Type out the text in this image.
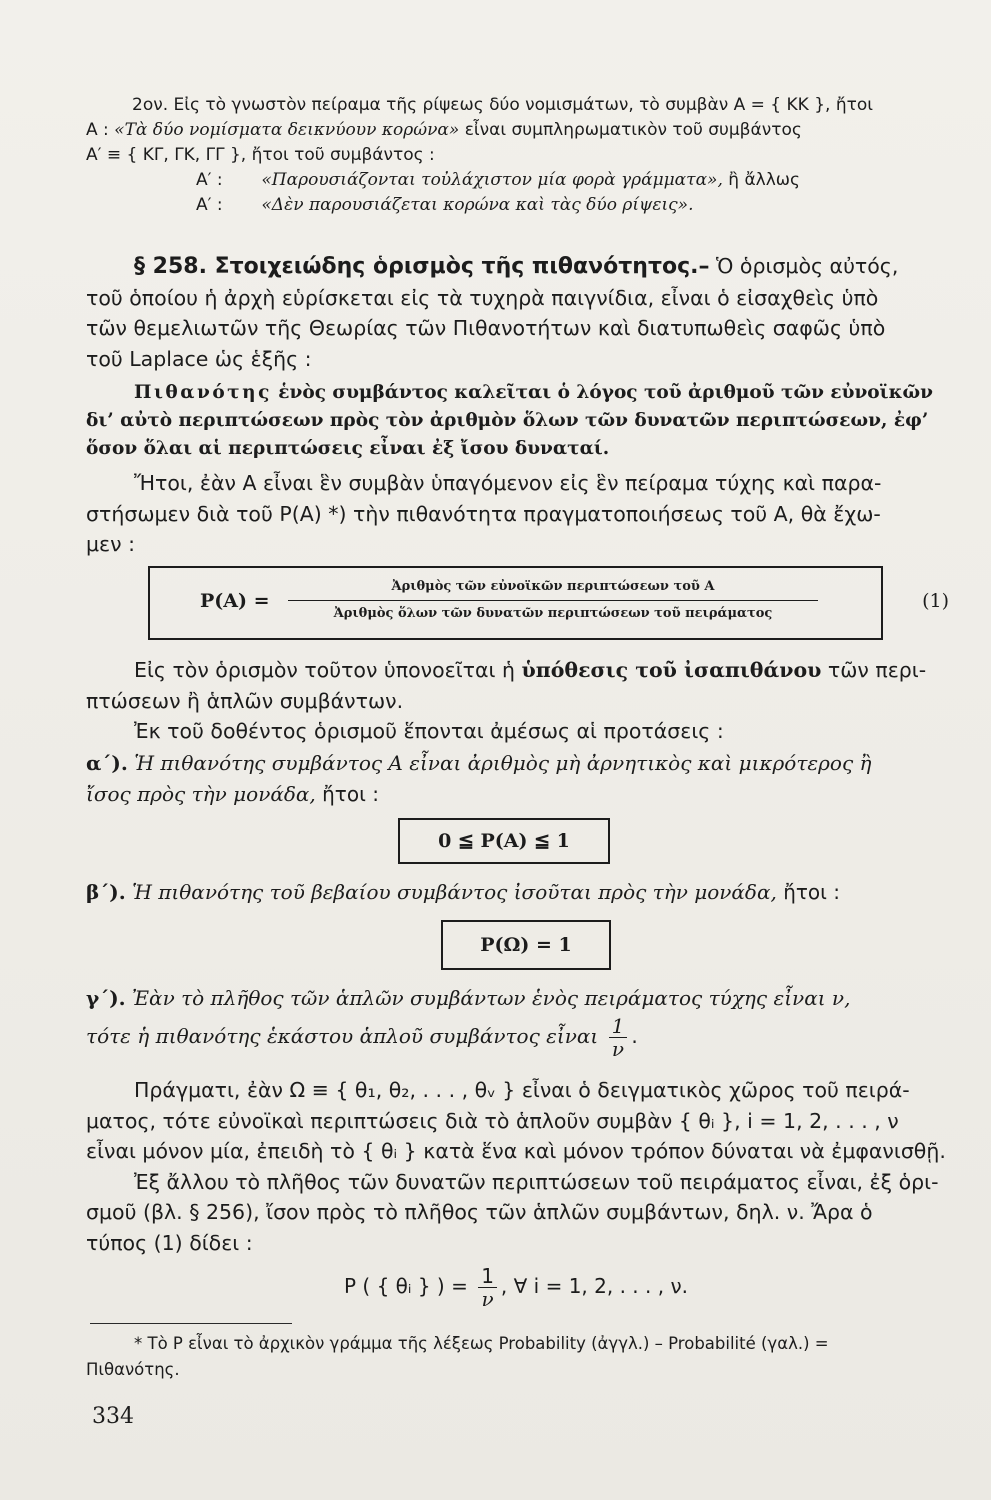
2ον. Εἰς τὸ γνωστὸν πείραμα τῆς ρίψεως δύο νομισμάτων, τὸ συμβὰν Α = { ΚΚ }, ἤτοι
Α : «Τὰ δύο νομίσματα δεικνύουν κορώνα» εἶναι συμπληρωματικὸν τοῦ συμβάντος
Α′ ≡ { ΚΓ, ΓΚ, ΓΓ }, ἤτοι τοῦ συμβάντος :
Α′ : «Παρουσιάζονται τοὐλάχιστον μία φορὰ γράμματα», ἢ ἄλλως
Α′ : «Δὲν παρουσιάζεται κορώνα καὶ τὰς δύο ρίψεις».
§ 258. Στοιχειώδης ὁρισμὸς τῆς πιθανότητος.– Ὁ ὁρισμὸς αὐτός,
τοῦ ὁποίου ἡ ἀρχὴ εὑρίσκεται εἰς τὰ τυχηρὰ παιγνίδια, εἶναι ὁ εἰσαχθεὶς ὑπὸ
τῶν θεμελιωτῶν τῆς Θεωρίας τῶν Πιθανοτήτων καὶ διατυπωθεὶς σαφῶς ὑπὸ
τοῦ Laplace ὡς ἑξῆς :
Πιθανότης ἑνὸς συμβάντος καλεῖται ὁ λόγος τοῦ ἀριθμοῦ τῶν εὐνοϊκῶν
δι’ αὐτὸ περιπτώσεων πρὸς τὸν ἀριθμὸν ὅλων τῶν δυνατῶν περιπτώσεων, ἐφ’
ὅσον ὅλαι αἱ περιπτώσεις εἶναι ἐξ ἴσου δυναταί.
Ἤτοι, ἐὰν Α εἶναι ἓν συμβὰν ὑπαγόμενον εἰς ἓν πείραμα τύχης καὶ παρα-
στήσωμεν διὰ τοῦ Ρ(Α) *) τὴν πιθανότητα πραγματοποιήσεως τοῦ Α, θὰ ἔχω-
μεν :
Ρ(Α) =
Ἀριθμὸς τῶν εὐνοϊκῶν περιπτώσεων τοῦ Α
Ἀριθμὸς ὅλων τῶν δυνατῶν περιπτώσεων τοῦ πειράματος
(1)
Εἰς τὸν ὁρισμὸν τοῦτον ὑπονοεῖται ἡ ὑπόθεσις τοῦ ἰσαπιθάνου τῶν περι-
πτώσεων ἢ ἁπλῶν συμβάντων.
Ἐκ τοῦ δοθέντος ὁρισμοῦ ἕπονται ἀμέσως αἱ προτάσεις :
α΄). Ἡ πιθανότης συμβάντος Α εἶναι ἀριθμὸς μὴ ἀρνητικὸς καὶ μικρότερος ἢ
ἴσος πρὸς τὴν μονάδα, ἤτοι :
0 ≦ Ρ(Α) ≦ 1
β΄). Ἡ πιθανότης τοῦ βεβαίου συμβάντος ἰσοῦται πρὸς τὴν μονάδα, ἤτοι :
Ρ(Ω) = 1
γ΄). Ἐὰν τὸ πλῆθος τῶν ἁπλῶν συμβάντων ἑνὸς πειράματος τύχης εἶναι ν,
τότε ἡ πιθανότης ἑκάστου ἁπλοῦ συμβάντος εἶναι $\frac{1}{\nu}$ .
Πράγματι, ἐὰν Ω ≡ { θ₁, θ₂, . . . , θᵥ } εἶναι ὁ δειγματικὸς χῶρος τοῦ πειρά-
ματος, τότε εὐνοϊκαὶ περιπτώσεις διὰ τὸ ἁπλοῦν συμβὰν { θᵢ }, i = 1, 2, . . . , ν
εἶναι μόνον μία, ἐπειδὴ τὸ { θᵢ } κατὰ ἕνα καὶ μόνον τρόπον δύναται νὰ ἐμφανισθῇ.
Ἐξ ἄλλου τὸ πλῆθος τῶν δυνατῶν περιπτώσεων τοῦ πειράματος εἶναι, ἐξ ὁρι-
σμοῦ (βλ. § 256), ἴσον πρὸς τὸ πλῆθος τῶν ἁπλῶν συμβάντων, δηλ. ν. Ἄρα ὁ
τύπος (1) δίδει :
Ρ ( { θᵢ } ) = $\frac{1}{\nu}$ , ∀ i = 1, 2, . . . , ν.
* Τὸ Ρ εἶναι τὸ ἀρχικὸν γράμμα τῆς λέξεως Probability (ἀγγλ.) – Probabilité (γαλ.) =
Πιθανότης.
334
